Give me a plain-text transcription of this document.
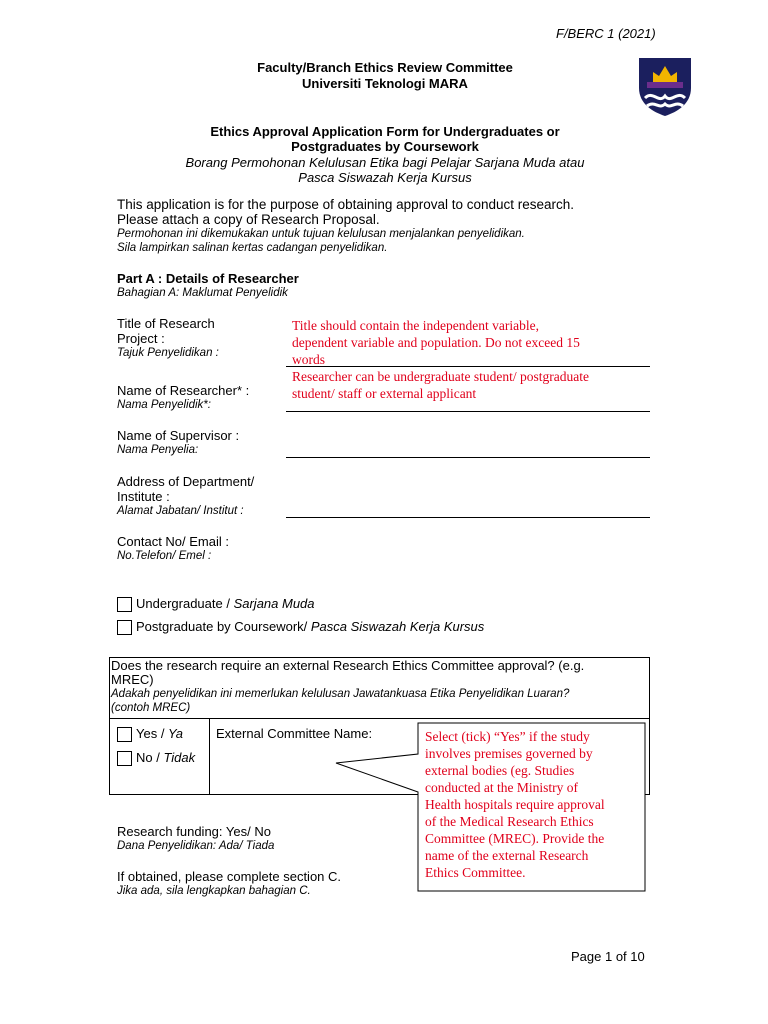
F/BERC 1 (2021)
Faculty/Branch Ethics Review Committee
Universiti Teknologi MARA
Ethics Approval Application Form for Undergraduates or
Postgraduates by Coursework
Borang Permohonan Kelulusan Etika bagi Pelajar Sarjana Muda atau
Pasca Siswazah Kerja Kursus
This application is for the purpose of obtaining approval to conduct research.
Please attach a copy of Research Proposal.
Permohonan ini dikemukakan untuk tujuan kelulusan menjalankan penyelidikan.
Sila lampirkan salinan kertas cadangan penyelidikan.
Part A : Details of Researcher
Bahagian A: Maklumat Penyelidik
Title of Research
Project :
Tajuk Penyelidikan :
Title should contain the independent variable,
dependent variable and population. Do not exceed 15
words
Name of Researcher* :
Nama Penyelidik*:
Researcher can be undergraduate student/ postgraduate
student/ staff or external applicant
Name of Supervisor :
Nama Penyelia:
Address of Department/
Institute :
Alamat Jabatan/ Institut :
Contact No/ Email :
No.Telefon/ Emel :
Undergraduate / Sarjana Muda
Postgraduate by Coursework/ Pasca Siswazah Kerja Kursus
Does the research require an external Research Ethics Committee approval? (e.g.
MREC)
Adakah penyelidikan ini memerlukan kelulusan Jawatankuasa Etika Penyelidikan Luaran?
(contoh MREC)
Yes / Ya
No / Tidak
External Committee Name:	Select (tick) “Yes” if the study
involves premises governed by
external bodies (eg. Studies
conducted at the Ministry of
Health hospitals require approval
of the Medical Research Ethics
Committee (MREC). Provide the
name of the external Research
Ethics Committee.
Research funding: Yes/ No
Dana Penyelidikan: Ada/ Tiada
If obtained, please complete section C.
Jika ada, sila lengkapkan bahagian C.
Page 1 of 10
